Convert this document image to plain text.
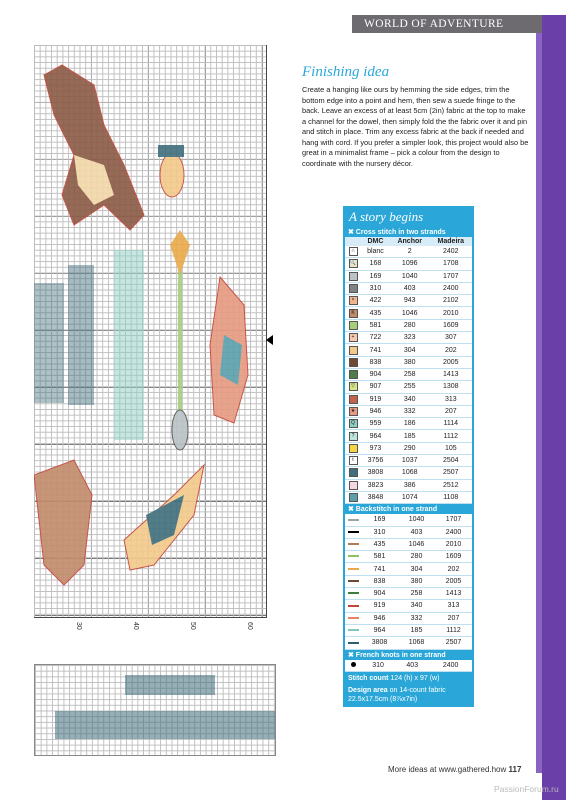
WORLD OF ADVENTURE
30	40	50	60
Finishing idea
Create a hanging like ours by hemming the side edges, trim the bottom edge into a point and hem, then sew a suede fringe to the back. Leave an excess of at least 5cm (2in) fabric at the top to make a channel for the dowel, then simply fold the the fabric over it and pin and stitch in place. Trim any excess fabric at the back if needed and hang with cord. If you prefer a simpler look, this project would also be great in a minimalist frame – pick a colour from the design to coordinate with the nursery décor.
A story begins
✖ Cross stitch in two strands
	DMC	Anchor	Madeira
∩	blanc	2	2402
🔍	168	1096	1708
	169	1040	1707
	310	403	2400
×	422	943	2102
K	435	1046	2010
	581	280	1609
+	722	323	307
	741	304	202
	838	380	2005
	904	258	1413
▽	907	255	1308
	919	340	313
★	946	332	207
Q	959	186	1114
?	964	185	1112
	973	290	105
t	3756	1037	2504
	3808	1068	2507
	3823	386	2512
	3848	1074	1108
✖ Backstitch in one strand
	169	1040	1707
	310	403	2400
	435	1046	2010
	581	280	1609
	741	304	202
	838	380	2005
	904	258	1413
	919	340	313
	946	332	207
	964	185	1112
	3808	1068	2507
✖ French knots in one strand
	310	403	2400
Stitch count 124 (h) x 97 (w)
Design area on 14-count fabric 22.5x17.5cm (8⅞x7in)
More ideas at www.gathered.how 117
PassionForum.ru
